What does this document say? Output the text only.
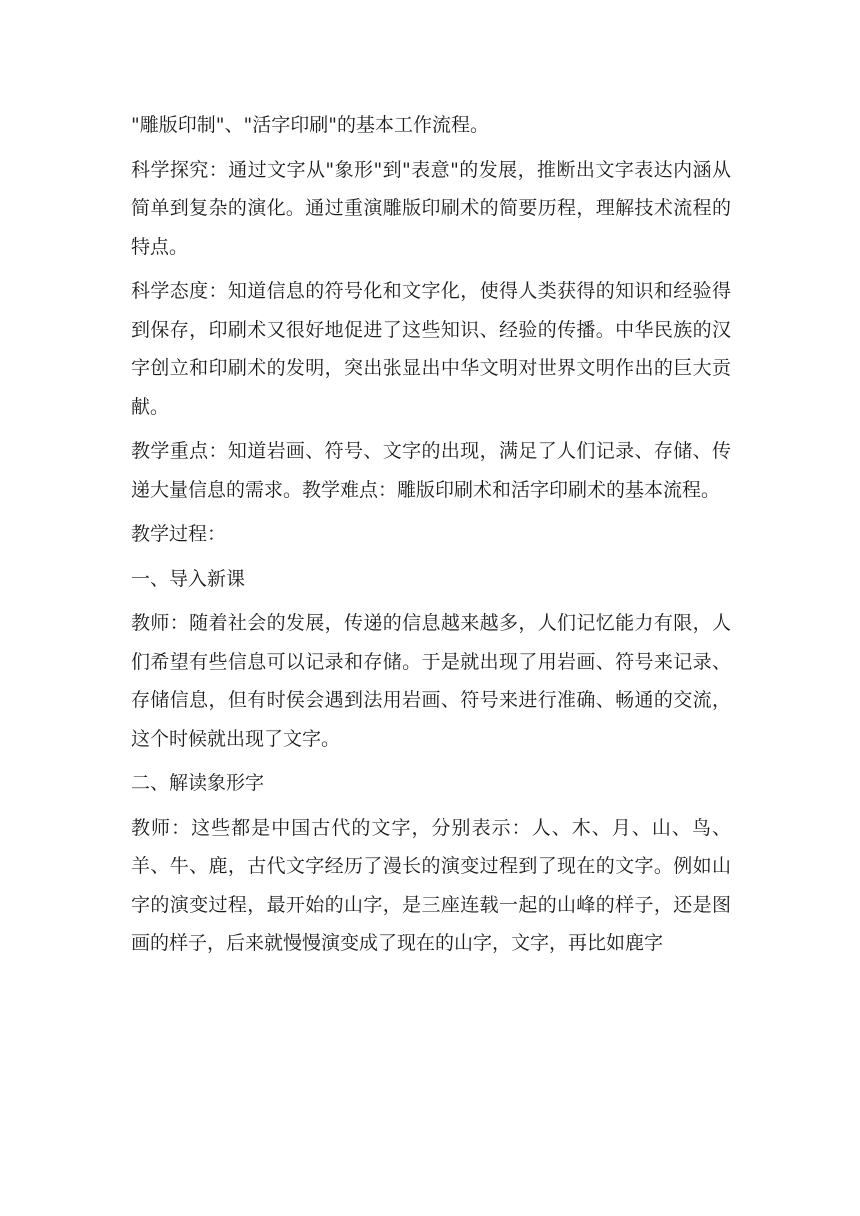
"雕版印制"、"活字印刷"的基本工作流程。

科学探究：通过文字从"象形"到"表意"的发展，推断出文字表达内涵从简单到复杂的演化。通过重演雕版印刷术的简要历程，理解技术流程的特点。

科学态度：知道信息的符号化和文字化，使得人类获得的知识和经验得到保存，印刷术又很好地促进了这些知识、经验的传播。中华民族的汉字创立和印刷术的发明，突出张显出中华文明对世界文明作出的巨大贡献。

教学重点：知道岩画、符号、文字的出现，满足了人们记录、存储、传递大量信息的需求。教学难点：雕版印刷术和活字印刷术的基本流程。

教学过程：

一、导入新课

教师：随着社会的发展，传递的信息越来越多，人们记忆能力有限，人们希望有些信息可以记录和存储。于是就出现了用岩画、符号来记录、存储信息，但有时侯会遇到法用岩画、符号来进行准确、畅通的交流，这个时候就出现了文字。

二、解读象形字

教师：这些都是中国古代的文字，分别表示：人、木、月、山、鸟、羊、牛、鹿，古代文字经历了漫长的演变过程到了现在的文字。例如山字的演变过程，最开始的山字，是三座连载一起的山峰的样子，还是图画的样子，后来就慢慢演变成了现在的山字，文字，再比如鹿字
